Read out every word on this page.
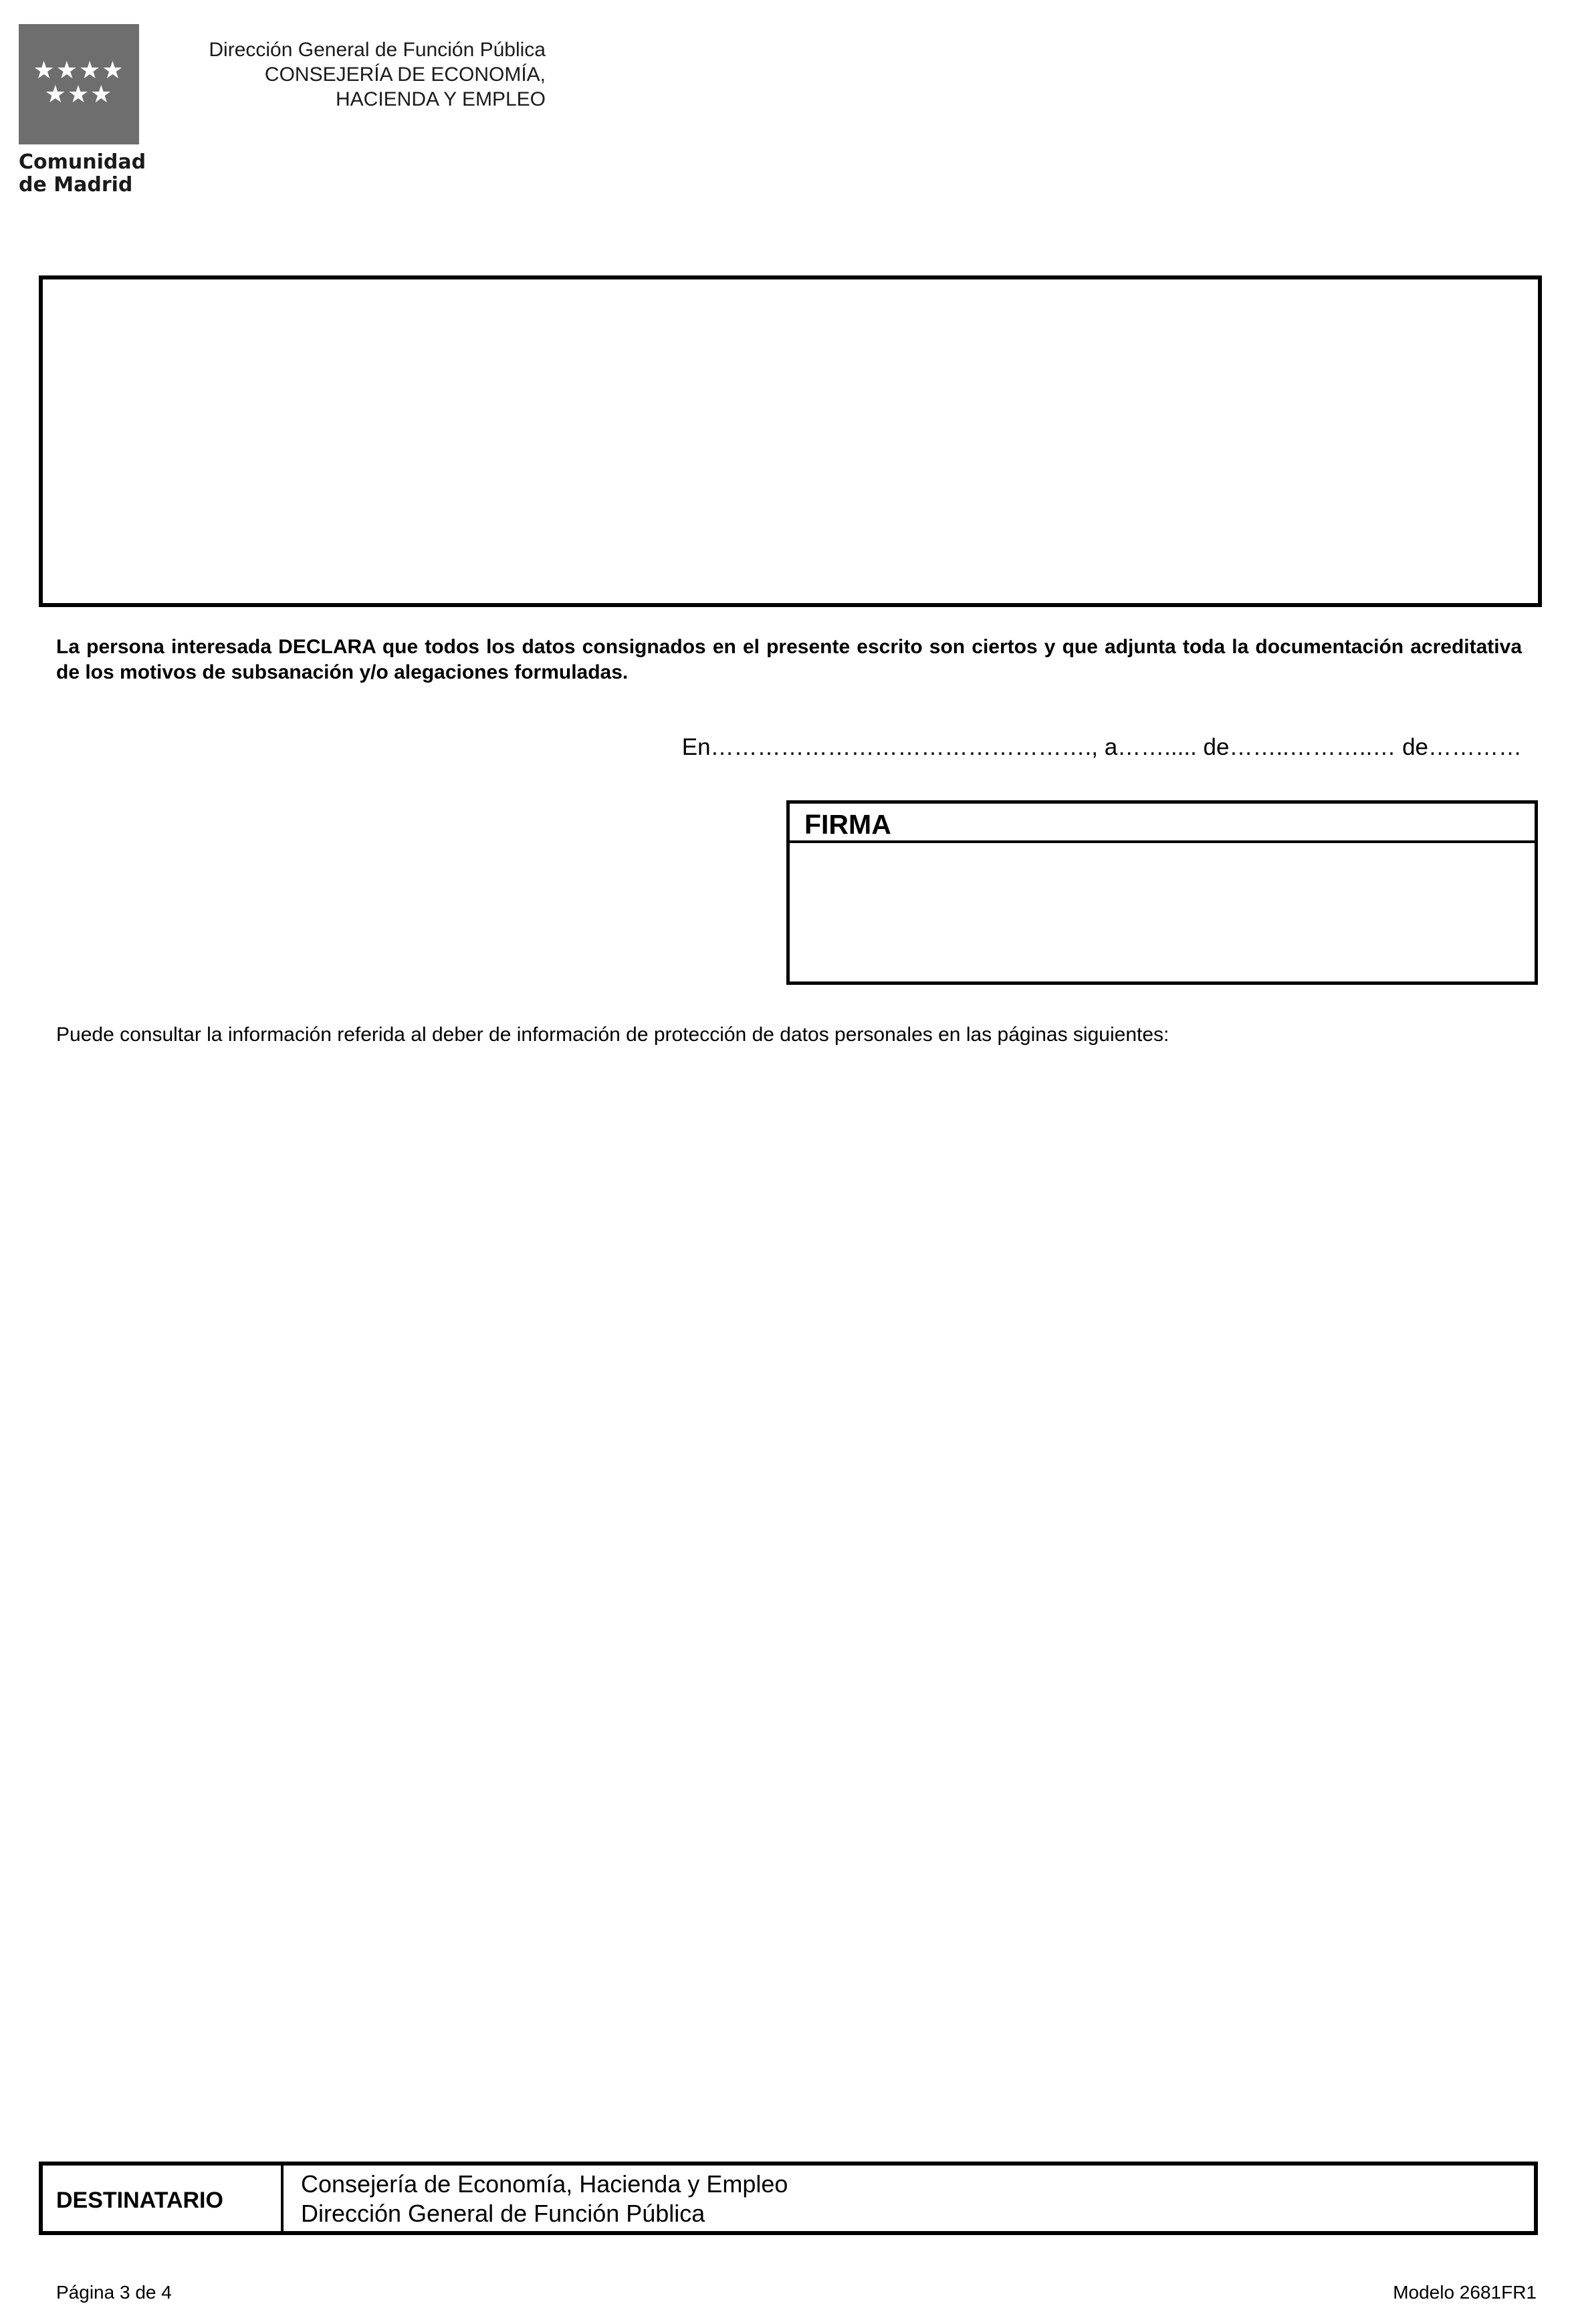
★★★★
★★★
Comunidad
de Madrid
Dirección General de Función Pública
CONSEJERÍA DE ECONOMÍA,
HACIENDA Y EMPLEO
La persona interesada DECLARA que todos los datos consignados en el presente escrito son ciertos y que adjunta toda la documentación acreditativa de los motivos de subsanación y/o alegaciones formuladas.
En…………………………………………., a……..... de……..………..… de…………
FIRMA
Puede consultar la información referida al deber de información de protección de datos personales en las páginas siguientes:
DESTINATARIO
Consejería de Economía, Hacienda y Empleo
Dirección General de Función Pública
Página 3 de 4	Modelo 2681FR1
